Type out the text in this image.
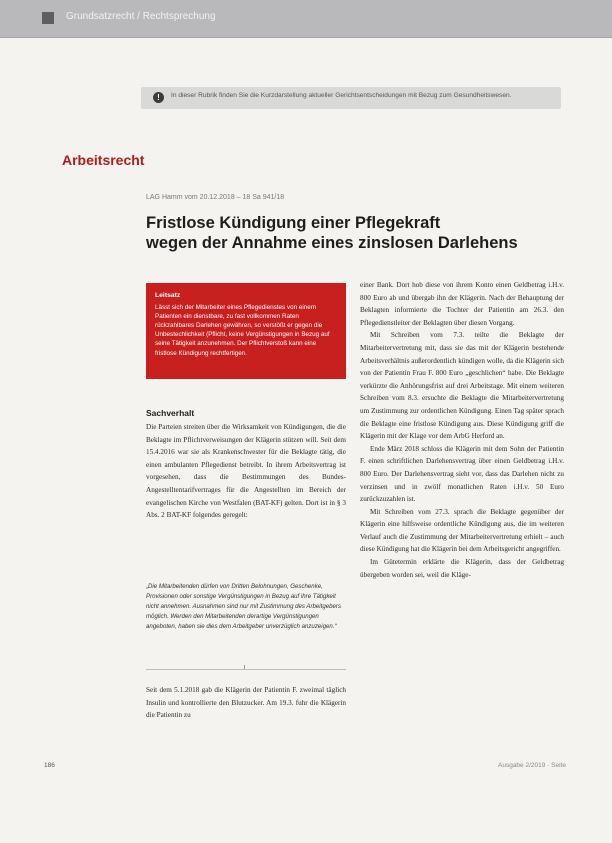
Grundsatzrecht / Rechtsprechung
!	In dieser Rubrik finden Sie die Kurzdarstellung aktueller Gerichtsentscheidungen mit Bezug zum Gesundheitswesen.
Arbeitsrecht
LAG Hamm vom 20.12.2018 – 18 Sa 941/18
Fristlose Kündigung einer Pflegekraft
wegen der Annahme eines zinslosen Darlehens
Leitsatz
Lässt sich der Mitarbeiter eines Pflegedienstes von einem Patienten ein dienstbare, zu fast vollkommen Raten rückzahlbares Darlehen gewähren, so verstößt er gegen die Unbestechlichkeit (Pflicht, keine Vergünstigungen in Bezug auf seine Tätigkeit anzunehmen. Der Pflichtverstoß kann eine fristlose Kündigung rechtfertigen.
Sachverhalt

Die Parteien streiten über die Wirksamkeit von Kündigungen, die die Beklagte im Pflichtverweisungen der Klägerin stützen will. Seit dem 15.4.2016 war sie als Krankenschwester für die Beklagte tätig, die einen ambulanten Pflegedienst betreibt. In ihrem Arbeitsvertrag ist vorgesehen, dass die Bestimmungen des Bundes-Angestelltentarifvertrages für die Angestellten im Bereich der evangelischen Kirche von Westfalen (BAT-KF) gelten. Dort ist in § 3 Abs. 2 BAT-KF folgendes geregelt:

„Die Mitarbeitenden dürfen von Dritten Belohnungen, Geschenke, Provisionen oder sonstige Vergünstigungen in Bezug auf ihre Tätigkeit nicht annehmen. Ausnahmen sind nur mit Zustimmung des Arbeitgebers möglich. Werden den Mitarbeitenden derartige Vergünstigungen angeboten, haben sie dies dem Arbeitgeber unverzüglich anzuzeigen.“

Seit dem 5.1.2018 gab die Klägerin der Patientin F. zweimal täglich Insulin und kontrollierte den Blutzucker. Am 19.3. fuhr die Klägerin die Patientin zu

einer Bank. Dort hob diese von ihrem Konto einen Geldbetrag i.H.v. 800 Euro ab und übergab ihn der Klägerin. Nach der Behauptung der Beklagten informierte die Tochter der Patientin am 26.3. den Pflegedienstleiter der Beklagten über diesen Vorgang.

Mit Schreiben vom 7.3. teilte die Beklagte der Mitarbeitervertretung mit, dass sie das mit der Klägerin bestehende Arbeitsverhältnis außerordentlich kündigen wolle, da die Klägerin sich von der Patientin Frau F. 800 Euro „geschlichen“ habe. Die Beklagte verkürzte die Anhörungsfrist auf drei Arbeitstage. Mit einem weiteren Schreiben vom 8.3. ersuchte die Beklagte die Mitarbeitervertretung um Zustimmung zur ordentlichen Kündigung. Einen Tag später sprach die Beklagte eine fristlose Kündigung aus. Diese Kündigung griff die Klägerin mit der Klage vor dem ArbG Herford an.

Ende März 2018 schloss die Klägerin mit dem Sohn der Patientin F. einen schriftlichen Darlehensvertrag über einen Geldbetrag i.H.v. 800 Euro. Der Darlehensvertrag sieht vor, dass das Darlehen nicht zu verzinsen und in zwölf monatlichen Raten i.H.v. 50 Euro zurückzuzahlen ist.

Mit Schreiben vom 27.3. sprach die Beklagte gegenüber der Klägerin eine hilfsweise ordentliche Kündigung aus, die im weiteren Verlauf auch die Zustimmung der Mitarbeitervertretung erhielt – auch diese Kündigung hat die Klägerin bei dem Arbeitsgericht angegriffen.

Im Gütetermin erklärte die Klägerin, dass der Geldbetrag übergeben worden sei, weil die Kläge-

186	Ausgabe 2/2019 · Seite
